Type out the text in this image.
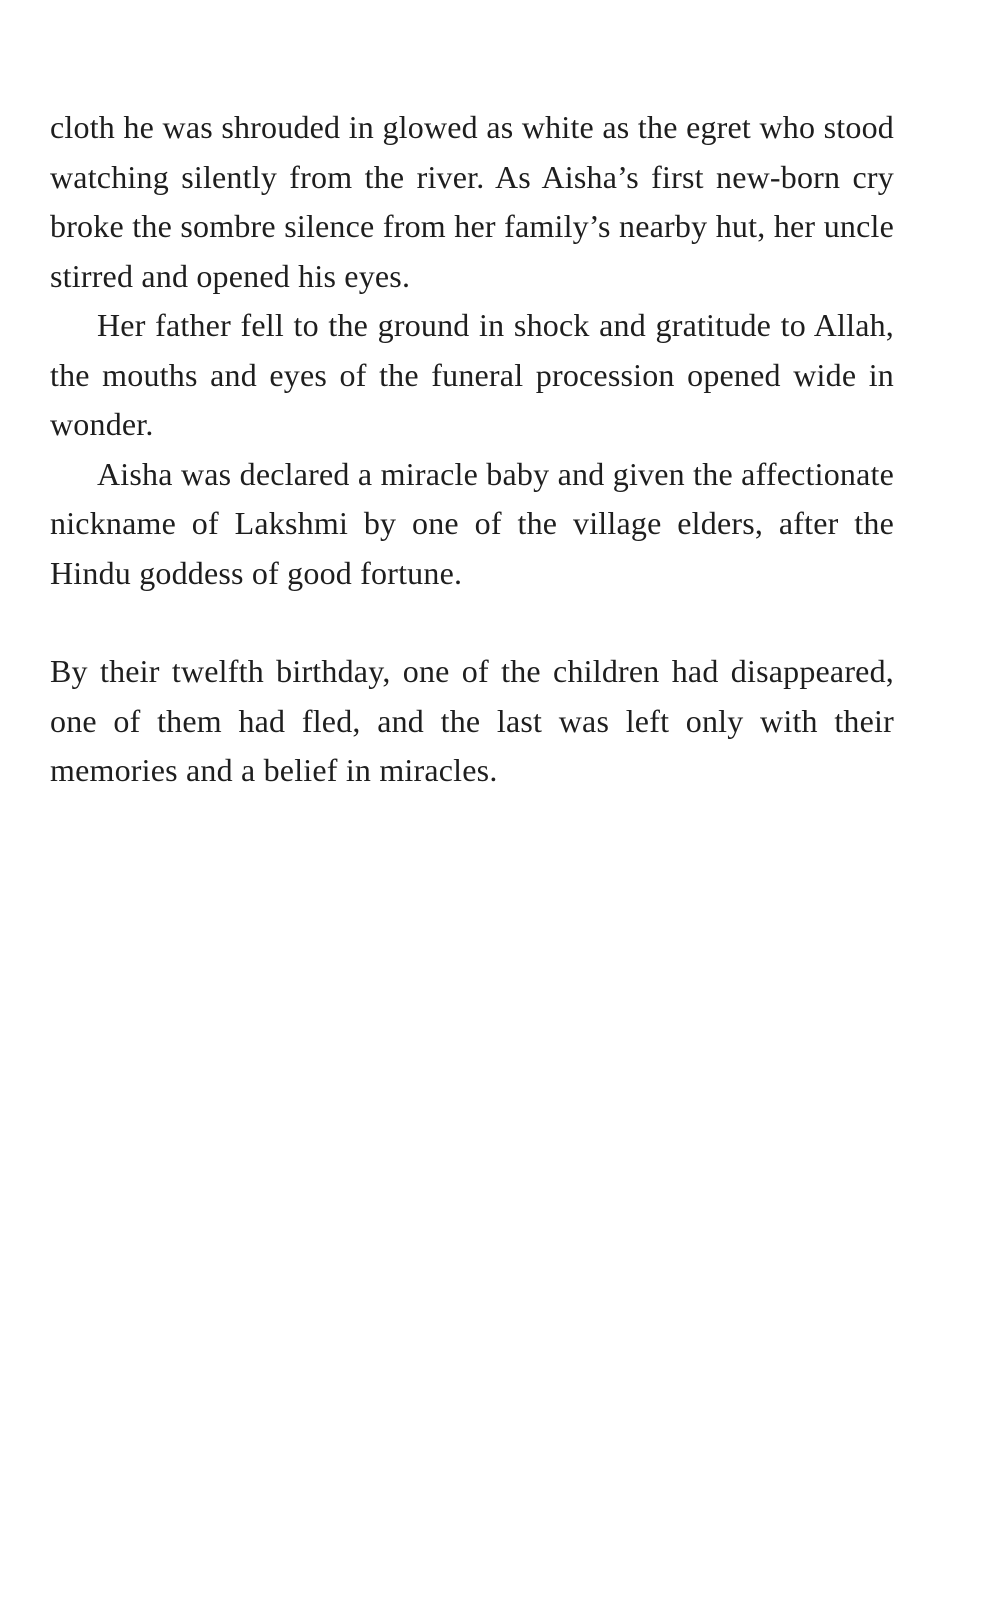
cloth he was shrouded in glowed as white as the egret who stood watching silently from the river. As Aisha’s first new-born cry broke the sombre silence from her family’s nearby hut, her uncle stirred and opened his eyes.

Her father fell to the ground in shock and gratitude to Allah, the mouths and eyes of the funeral procession opened wide in wonder.

Aisha was declared a miracle baby and given the affectionate nickname of Lakshmi by one of the village elders, after the Hindu goddess of good fortune.

By their twelfth birthday, one of the children had disappeared, one of them had fled, and the last was left only with their memories and a belief in miracles.
